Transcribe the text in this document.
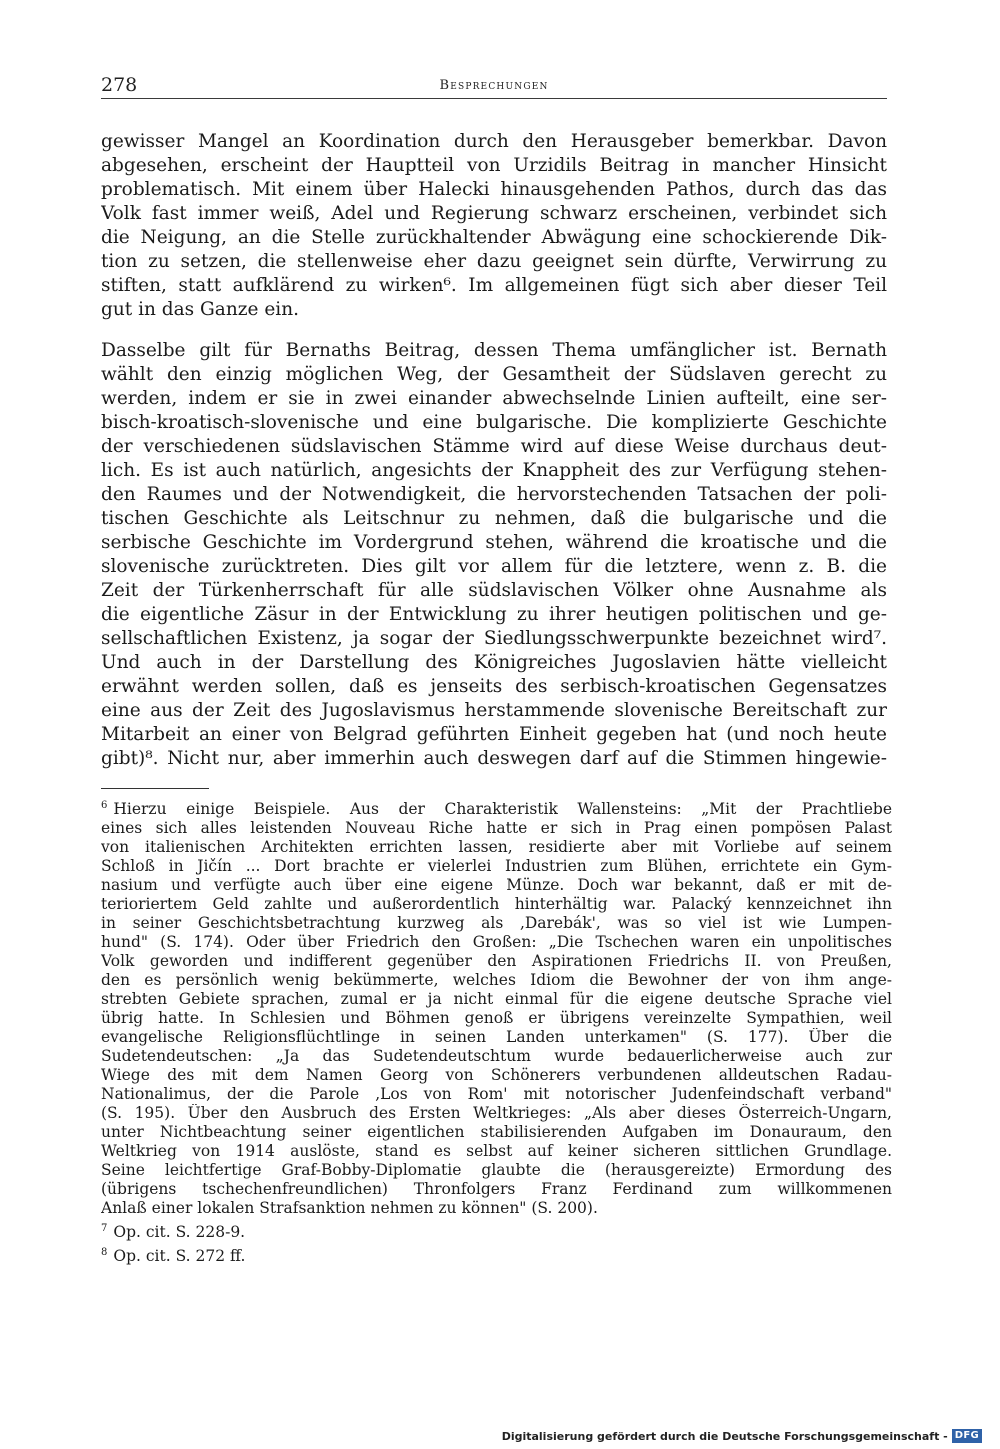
278	Besprechungen
gewisser Mangel an Koordination durch den Herausgeber bemerkbar. Davon
abgesehen, erscheint der Hauptteil von Urzidils Beitrag in mancher Hinsicht
problematisch. Mit einem über Halecki hinausgehenden Pathos, durch das das
Volk fast immer weiß, Adel und Regierung schwarz erscheinen, verbindet sich
die Neigung, an die Stelle zurückhaltender Abwägung eine schockierende Dik-
tion zu setzen, die stellenweise eher dazu geeignet sein dürfte, Verwirrung zu
stiften, statt aufklärend zu wirken⁶. Im allgemeinen fügt sich aber dieser Teil
gut in das Ganze ein.
Dasselbe gilt für Bernaths Beitrag, dessen Thema umfänglicher ist. Bernath
wählt den einzig möglichen Weg, der Gesamtheit der Südslaven gerecht zu
werden, indem er sie in zwei einander abwechselnde Linien aufteilt, eine ser-
bisch-kroatisch-slovenische und eine bulgarische. Die komplizierte Geschichte
der verschiedenen südslavischen Stämme wird auf diese Weise durchaus deut-
lich. Es ist auch natürlich, angesichts der Knappheit des zur Verfügung stehen-
den Raumes und der Notwendigkeit, die hervorstechenden Tatsachen der poli-
tischen Geschichte als Leitschnur zu nehmen, daß die bulgarische und die
serbische Geschichte im Vordergrund stehen, während die kroatische und die
slovenische zurücktreten. Dies gilt vor allem für die letztere, wenn z. B. die
Zeit der Türkenherrschaft für alle südslavischen Völker ohne Ausnahme als
die eigentliche Zäsur in der Entwicklung zu ihrer heutigen politischen und ge-
sellschaftlichen Existenz, ja sogar der Siedlungsschwerpunkte bezeichnet wird⁷.
Und auch in der Darstellung des Königreiches Jugoslavien hätte vielleicht
erwähnt werden sollen, daß es jenseits des serbisch-kroatischen Gegensatzes
eine aus der Zeit des Jugoslavismus herstammende slovenische Bereitschaft zur
Mitarbeit an einer von Belgrad geführten Einheit gegeben hat (und noch heute
gibt)⁸. Nicht nur, aber immerhin auch deswegen darf auf die Stimmen hingewie-
$^6$ Hierzu einige Beispiele. Aus der Charakteristik Wallensteins: „Mit der Prachtliebe
eines sich alles leistenden Nouveau Riche hatte er sich in Prag einen pompösen Palast
von italienischen Architekten errichten lassen, residierte aber mit Vorliebe auf seinem
Schloß in Jičín ... Dort brachte er vielerlei Industrien zum Blühen, errichtete ein Gym-
nasium und verfügte auch über eine eigene Münze. Doch war bekannt, daß er mit de-
terioriertem Geld zahlte und außerordentlich hinterhältig war. Palacký kennzeichnet ihn
in seiner Geschichtsbetrachtung kurzweg als ‚Darebák', was so viel ist wie Lumpen-
hund" (S. 174). Oder über Friedrich den Großen: „Die Tschechen waren ein unpolitisches
Volk geworden und indifferent gegenüber den Aspirationen Friedrichs II. von Preußen,
den es persönlich wenig bekümmerte, welches Idiom die Bewohner der von ihm ange-
strebten Gebiete sprachen, zumal er ja nicht einmal für die eigene deutsche Sprache viel
übrig hatte. In Schlesien und Böhmen genoß er übrigens vereinzelte Sympathien, weil
evangelische Religionsflüchtlinge in seinen Landen unterkamen" (S. 177). Über die
Sudetendeutschen: „Ja das Sudetendeutschtum wurde bedauerlicherweise auch zur
Wiege des mit dem Namen Georg von Schönerers verbundenen alldeutschen Radau-
Nationalimus, der die Parole ‚Los von Rom' mit notorischer Judenfeindschaft verband"
(S. 195). Über den Ausbruch des Ersten Weltkrieges: „Als aber dieses Österreich-Ungarn,
unter Nichtbeachtung seiner eigentlichen stabilisierenden Aufgaben im Donauraum, den
Weltkrieg von 1914 auslöste, stand es selbst auf keiner sicheren sittlichen Grundlage.
Seine leichtfertige Graf-Bobby-Diplomatie glaubte die (herausgereizte) Ermordung des
(übrigens tschechenfreundlichen) Thronfolgers Franz Ferdinand zum willkommenen
Anlaß einer lokalen Strafsanktion nehmen zu können" (S. 200).
$^7$ Op. cit. S. 228-9.
$^8$ Op. cit. S. 272 ff.
Digitalisierung gefördert durch die Deutsche Forschungsgemeinschaft - DFG
